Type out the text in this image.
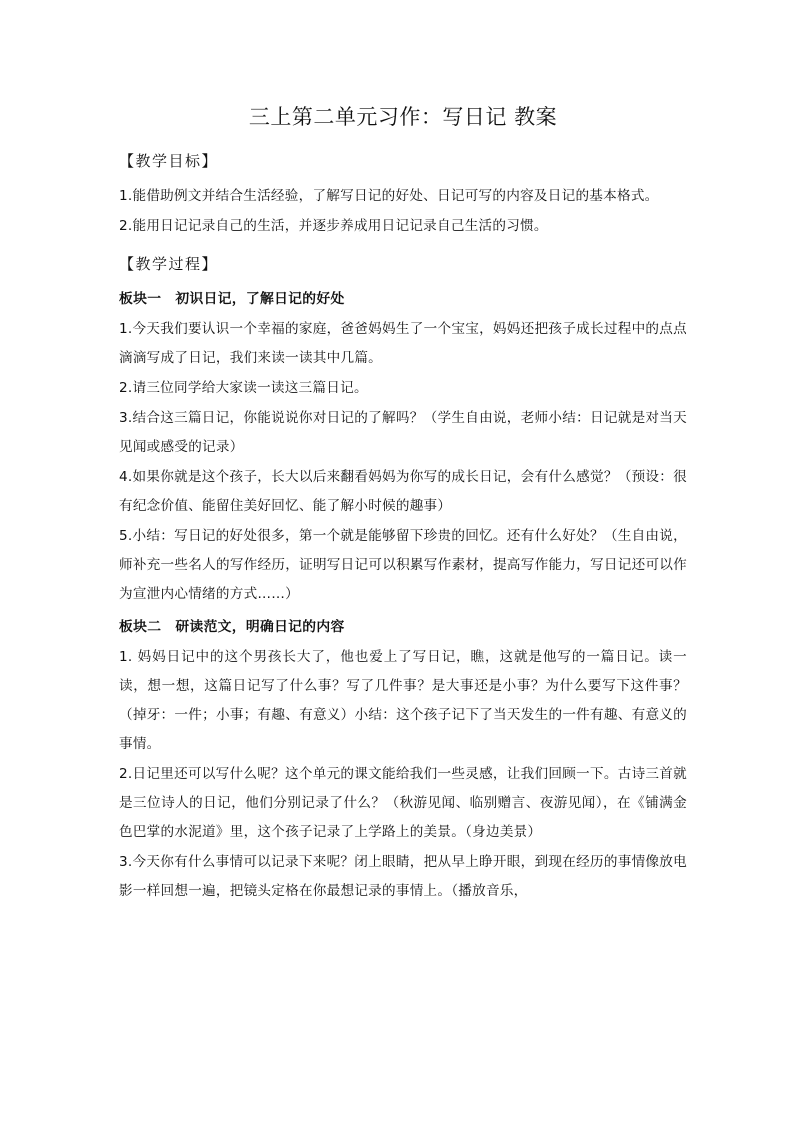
三上第二单元习作：写日记 教案
【教学目标】

1.能借助例文并结合生活经验，了解写日记的好处、日记可写的内容及日记的基本格式。

2.能用日记记录自己的生活，并逐步养成用日记记录自己生活的习惯。

【教学过程】
板块一　初识日记，了解日记的好处

1.今天我们要认识一个幸福的家庭，爸爸妈妈生了一个宝宝，妈妈还把孩子成长过程中的点点滴滴写成了日记，我们来读一读其中几篇。

2.请三位同学给大家读一读这三篇日记。

3.结合这三篇日记，你能说说你对日记的了解吗？（学生自由说，老师小结：日记就是对当天见闻或感受的记录）

4.如果你就是这个孩子，长大以后来翻看妈妈为你写的成长日记，会有什么感觉？（预设：很有纪念价值、能留住美好回忆、能了解小时候的趣事）

5.小结：写日记的好处很多，第一个就是能够留下珍贵的回忆。还有什么好处？（生自由说，师补充一些名人的写作经历，证明写日记可以积累写作素材，提高写作能力，写日记还可以作为宣泄内心情绪的方式……）

板块二　研读范文，明确日记的内容

1. 妈妈日记中的这个男孩长大了，他也爱上了写日记，瞧，这就是他写的一篇日记。读一读，想一想，这篇日记写了什么事？写了几件事？是大事还是小事？为什么要写下这件事？（掉牙：一件；小事；有趣、有意义）小结：这个孩子记下了当天发生的一件有趣、有意义的事情。

2.日记里还可以写什么呢？这个单元的课文能给我们一些灵感，让我们回顾一下。古诗三首就是三位诗人的日记，他们分别记录了什么？（秋游见闻、临别赠言、夜游见闻），在《铺满金色巴掌的水泥道》里，这个孩子记录了上学路上的美景。（身边美景）

3.今天你有什么事情可以记录下来呢？闭上眼睛，把从早上睁开眼，到现在经历的事情像放电影一样回想一遍，把镜头定格在你最想记录的事情上。（播放音乐，
